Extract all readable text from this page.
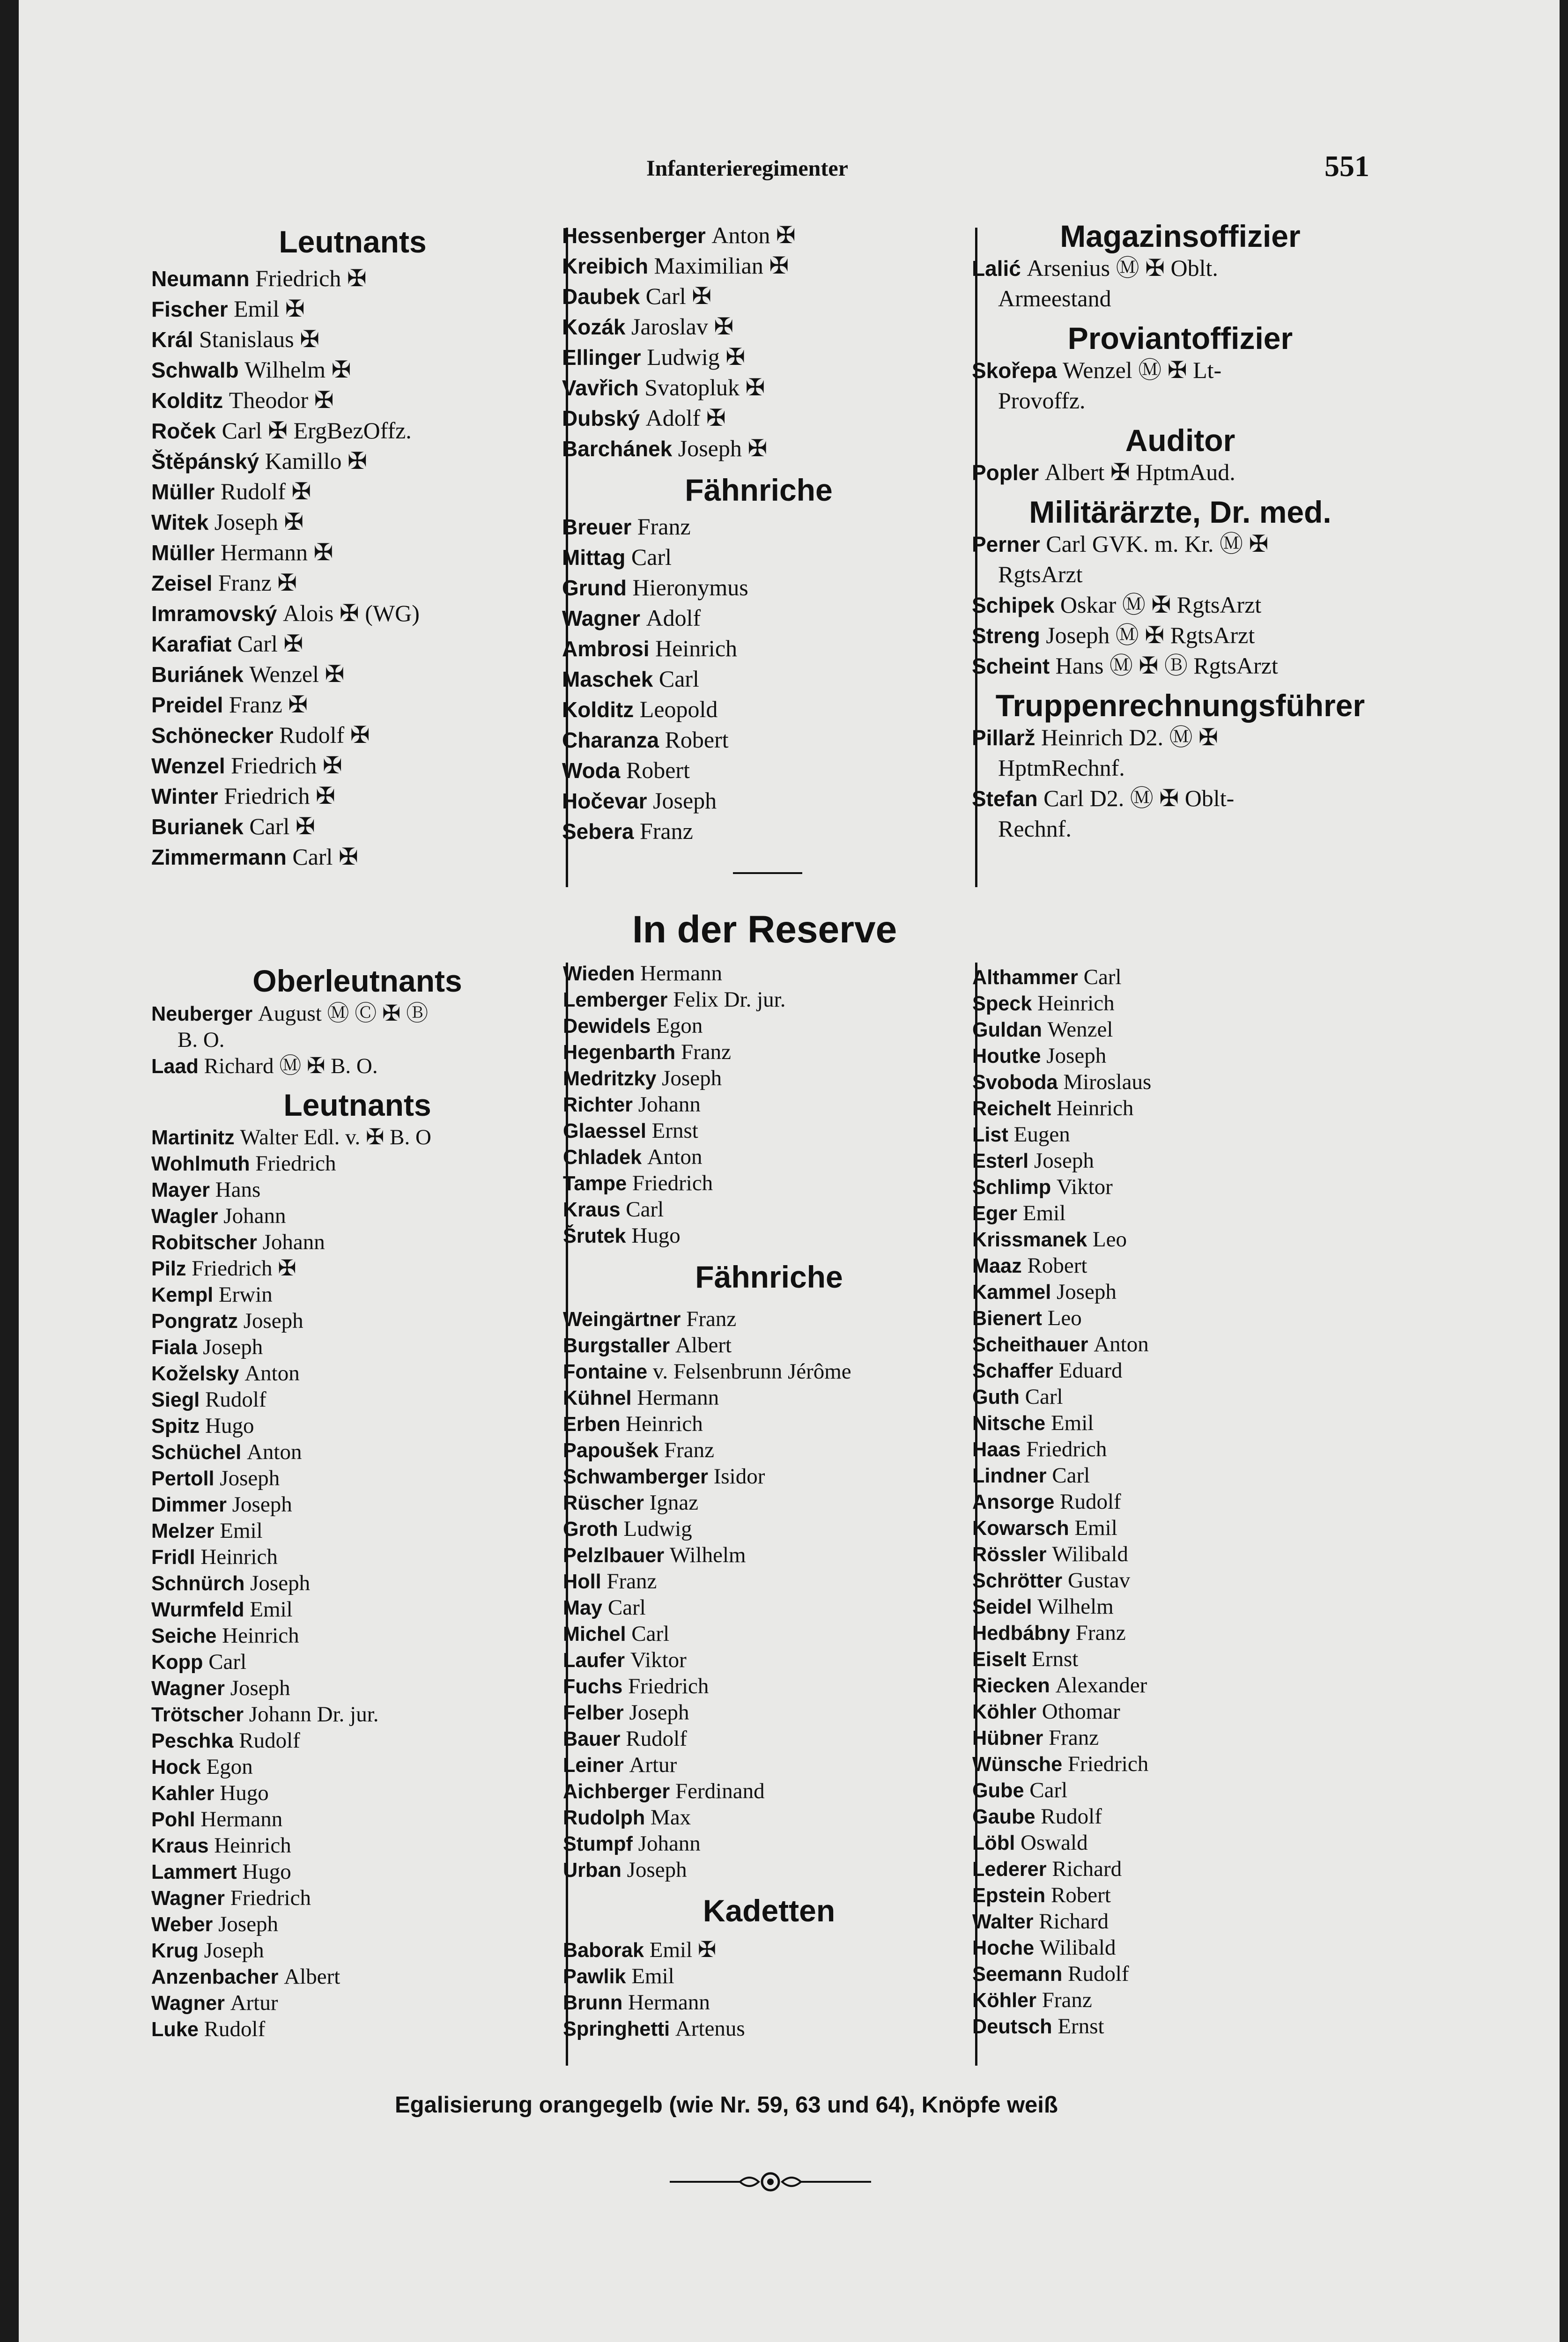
Infanterieregimenter	551
Leutnants
Neumann Friedrich ✠
Fischer Emil ✠
Král Stanislaus ✠
Schwalb Wilhelm ✠
Kolditz Theodor ✠
Roček Carl ✠ ErgBezOffz.
Štěpánský Kamillo ✠
Müller Rudolf ✠
Witek Joseph ✠
Müller Hermann ✠
Zeisel Franz ✠
Imramovský Alois ✠ (WG)
Karafiat Carl ✠
Buriánek Wenzel ✠
Preidel Franz ✠
Schönecker Rudolf ✠
Wenzel Friedrich ✠
Winter Friedrich ✠
Burianek Carl ✠
Zimmermann Carl ✠
Hessenberger Anton ✠
Kreibich Maximilian ✠
Daubek Carl ✠
Kozák Jaroslav ✠
Ellinger Ludwig ✠
Vavřich Svatopluk ✠
Dubský Adolf ✠
Barchánek Joseph ✠
Fähnriche
Breuer Franz
Mittag Carl
Grund Hieronymus
Wagner Adolf
Ambrosi Heinrich
Maschek Carl
Kolditz Leopold
Charanza Robert
Woda Robert
Hočevar Joseph
Sebera Franz
Magazinsoffizier
Lalić Arsenius Ⓜ ✠ Oblt.
Armeestand
Proviantoffizier
Skořepa Wenzel Ⓜ ✠ Lt-
Provoffz.
Auditor
Popler Albert ✠ HptmAud.
Militärärzte, Dr. med.
Perner Carl GVK. m. Kr. Ⓜ ✠
RgtsArzt
Schipek Oskar Ⓜ ✠ RgtsArzt
Streng Joseph Ⓜ ✠ RgtsArzt
Scheint Hans Ⓜ ✠ Ⓑ RgtsArzt
Truppenrechnungsführer
Pillarž Heinrich D2. Ⓜ ✠
HptmRechnf.
Stefan Carl D2. Ⓜ ✠ Oblt-
Rechnf.
In der Reserve
Oberleutnants
Neuberger August Ⓜ Ⓒ ✠ Ⓑ
B. O.
Laad Richard Ⓜ ✠ B. O.
Leutnants
Martinitz Walter Edl. v. ✠ B. O
Wohlmuth Friedrich
Mayer Hans
Wagler Johann
Robitscher Johann
Pilz Friedrich ✠
Kempl Erwin
Pongratz Joseph
Fiala Joseph
Koželsky Anton
Siegl Rudolf
Spitz Hugo
Schüchel Anton
Pertoll Joseph
Dimmer Joseph
Melzer Emil
Fridl Heinrich
Schnürch Joseph
Wurmfeld Emil
Seiche Heinrich
Kopp Carl
Wagner Joseph
Trötscher Johann Dr. jur.
Peschka Rudolf
Hock Egon
Kahler Hugo
Pohl Hermann
Kraus Heinrich
Lammert Hugo
Wagner Friedrich
Weber Joseph
Krug Joseph
Anzenbacher Albert
Wagner Artur
Luke Rudolf
Wieden Hermann
Lemberger Felix Dr. jur.
Dewidels Egon
Hegenbarth Franz
Medritzky Joseph
Richter Johann
Glaessel Ernst
Chladek Anton
Tampe Friedrich
Kraus Carl
Šrutek Hugo
Fähnriche
Weingärtner Franz
Burgstaller Albert
Fontaine v. Felsenbrunn Jérôme
Kühnel Hermann
Erben Heinrich
Papoušek Franz
Schwamberger Isidor
Rüscher Ignaz
Groth Ludwig
Pelzlbauer Wilhelm
Holl Franz
May Carl
Michel Carl
Laufer Viktor
Fuchs Friedrich
Felber Joseph
Bauer Rudolf
Leiner Artur
Aichberger Ferdinand
Rudolph Max
Stumpf Johann
Urban Joseph
Kadetten
Baborak Emil ✠
Pawlik Emil
Brunn Hermann
Springhetti Artenus
Althammer Carl
Speck Heinrich
Guldan Wenzel
Houtke Joseph
Svoboda Miroslaus
Reichelt Heinrich
List Eugen
Esterl Joseph
Schlimp Viktor
Eger Emil
Krissmanek Leo
Maaz Robert
Kammel Joseph
Bienert Leo
Scheithauer Anton
Schaffer Eduard
Guth Carl
Nitsche Emil
Haas Friedrich
Lindner Carl
Ansorge Rudolf
Kowarsch Emil
Rössler Wilibald
Schrötter Gustav
Seidel Wilhelm
Hedbábny Franz
Eiselt Ernst
Riecken Alexander
Köhler Othomar
Hübner Franz
Wünsche Friedrich
Gube Carl
Gaube Rudolf
Löbl Oswald
Lederer Richard
Epstein Robert
Walter Richard
Hoche Wilibald
Seemann Rudolf
Köhler Franz
Deutsch Ernst
Egalisierung orangegelb (wie Nr. 59, 63 und 64), Knöpfe weiß
